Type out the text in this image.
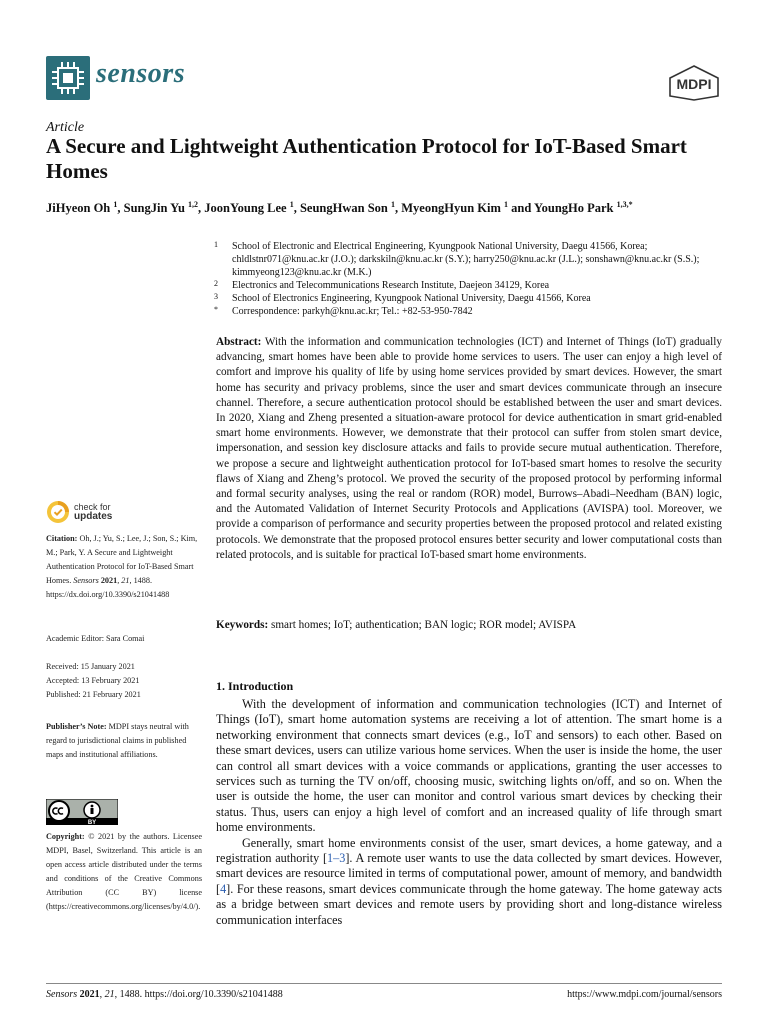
sensors	MDPI
Article
A Secure and Lightweight Authentication Protocol for IoT-Based Smart Homes
JiHyeon Oh $^1$, SungJin Yu $^{1,2}$, JoonYoung Lee $^1$, SeungHwan Son $^1$, MyeongHyun Kim $^1$ and YoungHo Park $^{1,3,*}$
1 School of Electronic and Electrical Engineering, Kyungpook National University, Daegu 41566, Korea; chldlstnr071@knu.ac.kr (J.O.); darkskiln@knu.ac.kr (S.Y.); harry250@knu.ac.kr (J.L.); sonshawn@knu.ac.kr (S.S.); kimmyeong123@knu.ac.kr (M.K.)
2 Electronics and Telecommunications Research Institute, Daejeon 34129, Korea
3 School of Electronics Engineering, Kyungpook National University, Daegu 41566, Korea
* Correspondence: parkyh@knu.ac.kr; Tel.: +82-53-950-7842
Abstract: With the information and communication technologies (ICT) and Internet of Things (IoT) gradually advancing, smart homes have been able to provide home services to users. The user can enjoy a high level of comfort and improve his quality of life by using home services provided by smart devices. However, the smart home has security and privacy problems, since the user and smart devices communicate through an insecure channel. Therefore, a secure authentication protocol should be established between the user and smart devices. In 2020, Xiang and Zheng presented a situation-aware protocol for device authentication in smart grid-enabled smart home environments. However, we demonstrate that their protocol can suffer from stolen smart device, impersonation, and session key disclosure attacks and fails to provide secure mutual authentication. Therefore, we propose a secure and lightweight authentication protocol for IoT-based smart homes to resolve the security flaws of Xiang and Zheng’s protocol. We proved the security of the proposed protocol by performing informal and formal security analyses, using the real or random (ROR) model, Burrows–Abadi–Needham (BAN) logic, and the Automated Validation of Internet Security Protocols and Applications (AVISPA) tool. Moreover, we provide a comparison of performance and security properties between the proposed protocol and related existing protocols. We demonstrate that the proposed protocol ensures better security and lower computational costs than related protocols, and is suitable for practical IoT-based smart home environments.
Keywords: smart homes; IoT; authentication; BAN logic; ROR model; AVISPA
check for
updates
Citation: Oh, J.; Yu, S.; Lee, J.; Son, S.; Kim, M.; Park, Y. A Secure and Lightweight Authentication Protocol for IoT-Based Smart Homes. Sensors 2021, 21, 1488. https://dx.doi.org/10.3390/s21041488
Academic Editor: Sara Comai
Received: 15 January 2021
Accepted: 13 February 2021
Published: 21 February 2021
Publisher’s Note: MDPI stays neutral with regard to jurisdictional claims in published maps and institutional affiliations.
BY
Copyright: © 2021 by the authors. Licensee MDPI, Basel, Switzerland. This article is an open access article distributed under the terms and conditions of the Creative Commons Attribution (CC BY) license (https://creativecommons.org/licenses/by/4.0/).
1. Introduction

With the development of information and communication technologies (ICT) and Internet of Things (IoT), smart home automation systems are receiving a lot of attention. The smart home is a networking environment that connects smart devices (e.g., IoT and sensors) to each other. Based on these smart devices, users can utilize various home services. When the user is inside the home, the user can control all smart devices with a voice commands or applications, granting the user accesses to services such as turning the TV on/off, choosing music, switching lights on/off, and so on. When the user is outside the home, the user can monitor and control various smart devices by checking their status. Thus, users can enjoy a high level of comfort and an increased quality of life through smart home environments.

Generally, smart home environments consist of the user, smart devices, a home gateway, and a registration authority [1–3]. A remote user wants to use the data collected by smart devices. However, smart devices are resource limited in terms of computational power, amount of memory, and bandwidth [4]. For these reasons, smart devices communicate through the home gateway. The home gateway acts as a bridge between smart devices and remote users by providing short and long-distance wireless communication interfaces

Sensors 2021, 21, 1488. https://doi.org/10.3390/s21041488	https://www.mdpi.com/journal/sensors
